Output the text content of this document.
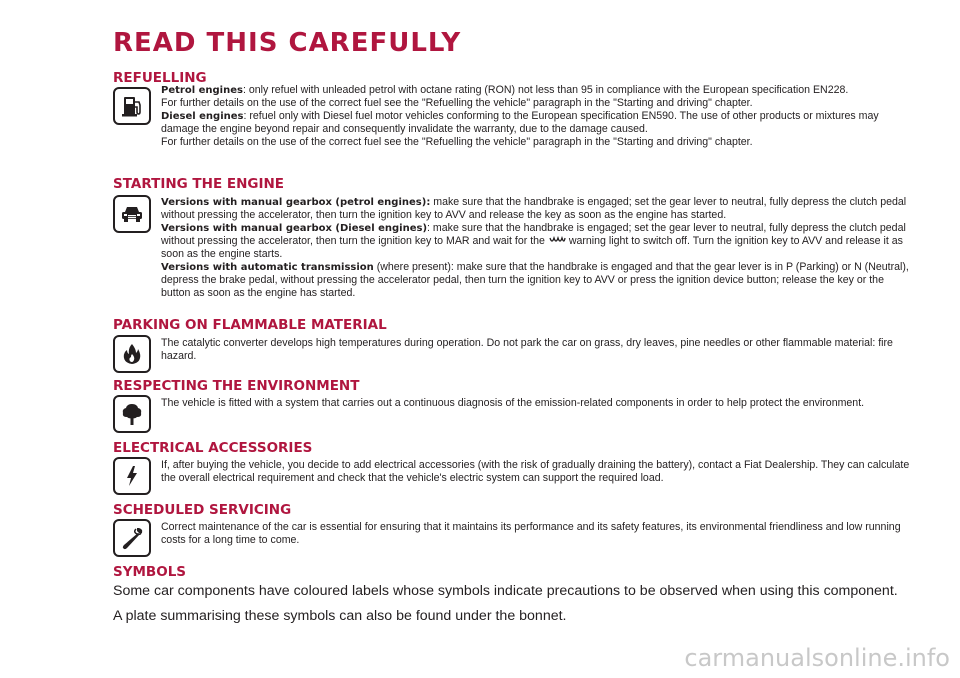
READ THIS CAREFULLY
REFUELLING

Petrol engines: only refuel with unleaded petrol with octane rating (RON) not less than 95 in compliance with the European specification EN228.

For further details on the use of the correct fuel see the "Refuelling the vehicle" paragraph in the "Starting and driving" chapter.

Diesel engines: refuel only with Diesel fuel motor vehicles conforming to the European specification EN590. The use of other products or mixtures may damage the engine beyond repair and consequently invalidate the warranty, due to the damage caused.

For further details on the use of the correct fuel see the "Refuelling the vehicle" paragraph in the "Starting and driving" chapter.

STARTING THE ENGINE

Versions with manual gearbox (petrol engines): make sure that the handbrake is engaged; set the gear lever to neutral, fully depress the clutch pedal without pressing the accelerator, then turn the ignition key to AVV and release the key as soon as the engine has started.

Versions with manual gearbox (Diesel engines): make sure that the handbrake is engaged; set the gear lever to neutral, fully depress the clutch pedal without pressing the accelerator, then turn the ignition key to MAR and wait for the  warning light to switch off. Turn the ignition key to AVV and release it as soon as the engine starts.

Versions with automatic transmission (where present): make sure that the handbrake is engaged and that the gear lever is in P (Parking) or N (Neutral), depress the brake pedal, without pressing the accelerator pedal, then turn the ignition key to AVV or press the ignition device button; release the key or the button as soon as the engine has started.

PARKING ON FLAMMABLE MATERIAL

The catalytic converter develops high temperatures during operation. Do not park the car on grass, dry leaves, pine needles or other flammable material: fire hazard.

RESPECTING THE ENVIRONMENT

The vehicle is fitted with a system that carries out a continuous diagnosis of the emission-related components in order to help protect the environment.

ELECTRICAL ACCESSORIES

If, after buying the vehicle, you decide to add electrical accessories (with the risk of gradually draining the battery), contact a Fiat Dealership. They can calculate the overall electrical requirement and check that the vehicle's electric system can support the required load.

SCHEDULED SERVICING

Correct maintenance of the car is essential for ensuring that it maintains its performance and its safety features, its environmental friendliness and low running costs for a long time to come.

SYMBOLS

Some car components have coloured labels whose symbols indicate precautions to be observed when using this component.

A plate summarising these symbols can also be found under the bonnet.

carmanualsonline.info
